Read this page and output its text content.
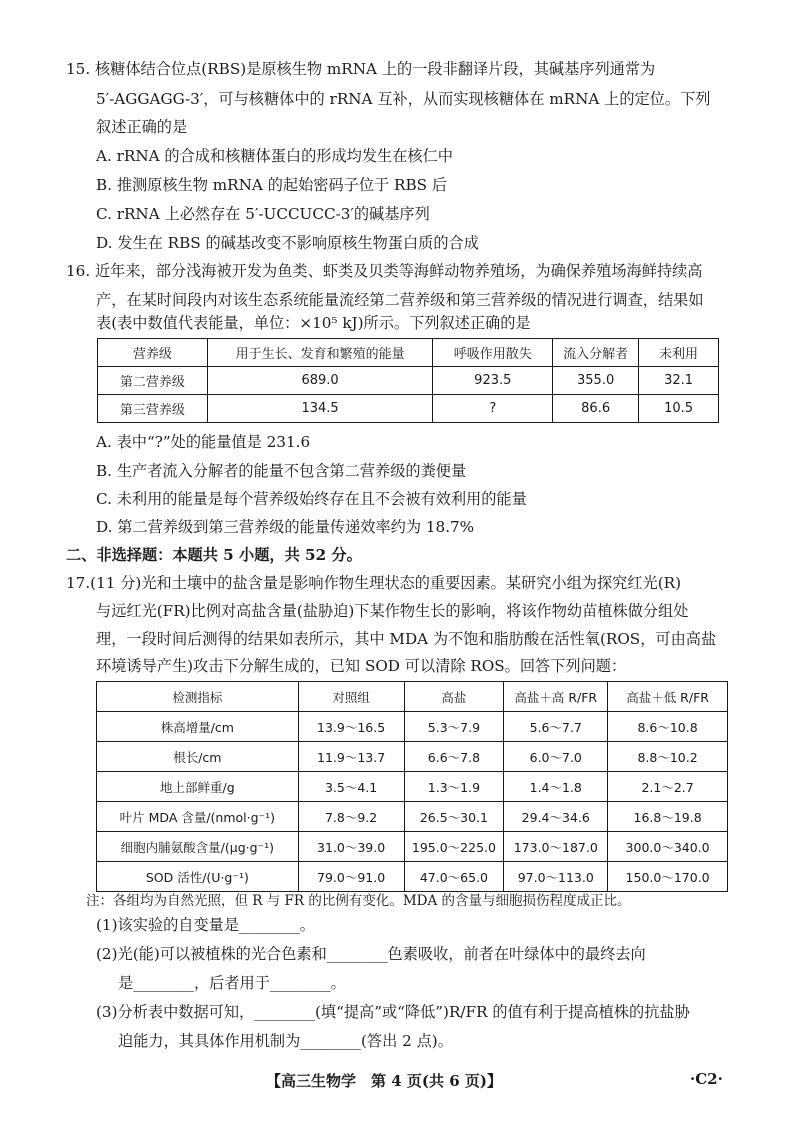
15. 核糖体结合位点(RBS)是原核生物 mRNA 上的一段非翻译片段，其碱基序列通常为
5′-AGGAGG-3′，可与核糖体中的 rRNA 互补，从而实现核糖体在 mRNA 上的定位。下列
叙述正确的是
A. rRNA 的合成和核糖体蛋白的形成均发生在核仁中
B. 推测原核生物 mRNA 的起始密码子位于 RBS 后
C. rRNA 上必然存在 5′-UCCUCC-3′的碱基序列
D. 发生在 RBS 的碱基改变不影响原核生物蛋白质的合成
16. 近年来，部分浅海被开发为鱼类、虾类及贝类等海鲜动物养殖场，为确保养殖场海鲜持续高
产，在某时间段内对该生态系统能量流经第二营养级和第三营养级的情况进行调查，结果如
表(表中数值代表能量，单位：×10⁵ kJ)所示。下列叙述正确的是
营养级	用于生长、发育和繁殖的能量	呼吸作用散失	流入分解者	未利用
第二营养级	689.0	923.5	355.0	32.1
第三营养级	134.5	?	86.6	10.5
A. 表中“?”处的能量值是 231.6
B. 生产者流入分解者的能量不包含第二营养级的粪便量
C. 未利用的能量是每个营养级始终存在且不会被有效利用的能量
D. 第二营养级到第三营养级的能量传递效率约为 18.7%
二、非选择题：本题共 5 小题，共 52 分。
17.(11 分)光和土壤中的盐含量是影响作物生理状态的重要因素。某研究小组为探究红光(R)
与远红光(FR)比例对高盐含量(盐胁迫)下某作物生长的影响，将该作物幼苗植株做分组处
理，一段时间后测得的结果如表所示，其中 MDA 为不饱和脂肪酸在活性氧(ROS，可由高盐
环境诱导产生)攻击下分解生成的，已知 SOD 可以清除 ROS。回答下列问题：
检测指标	对照组	高盐	高盐＋高 R/FR	高盐＋低 R/FR
株高增量/cm	13.9～16.5	5.3～7.9	5.6～7.7	8.6～10.8
根长/cm	11.9～13.7	6.6～7.8	6.0～7.0	8.8～10.2
地上部鲜重/g	3.5～4.1	1.3～1.9	1.4～1.8	2.1～2.7
叶片 MDA 含量/(nmol·g⁻¹)	7.8～9.2	26.5～30.1	29.4～34.6	16.8～19.8
细胞内脯氨酸含量/(μg·g⁻¹)	31.0～39.0	195.0～225.0	173.0～187.0	300.0～340.0
SOD 活性/(U·g⁻¹)	79.0～91.0	47.0～65.0	97.0～113.0	150.0～170.0
注：各组均为自然光照，但 R 与 FR 的比例有变化。MDA 的含量与细胞损伤程度成正比。
(1)该实验的自变量是________。
(2)光(能)可以被植株的光合色素和________色素吸收，前者在叶绿体中的最终去向
是________，后者用于________。
(3)分析表中数据可知，________(填“提高”或“降低”)R/FR 的值有利于提高植株的抗盐胁
迫能力，其具体作用机制为________(答出 2 点)。
【高三生物学　第 4 页(共 6 页)】	·C2·
